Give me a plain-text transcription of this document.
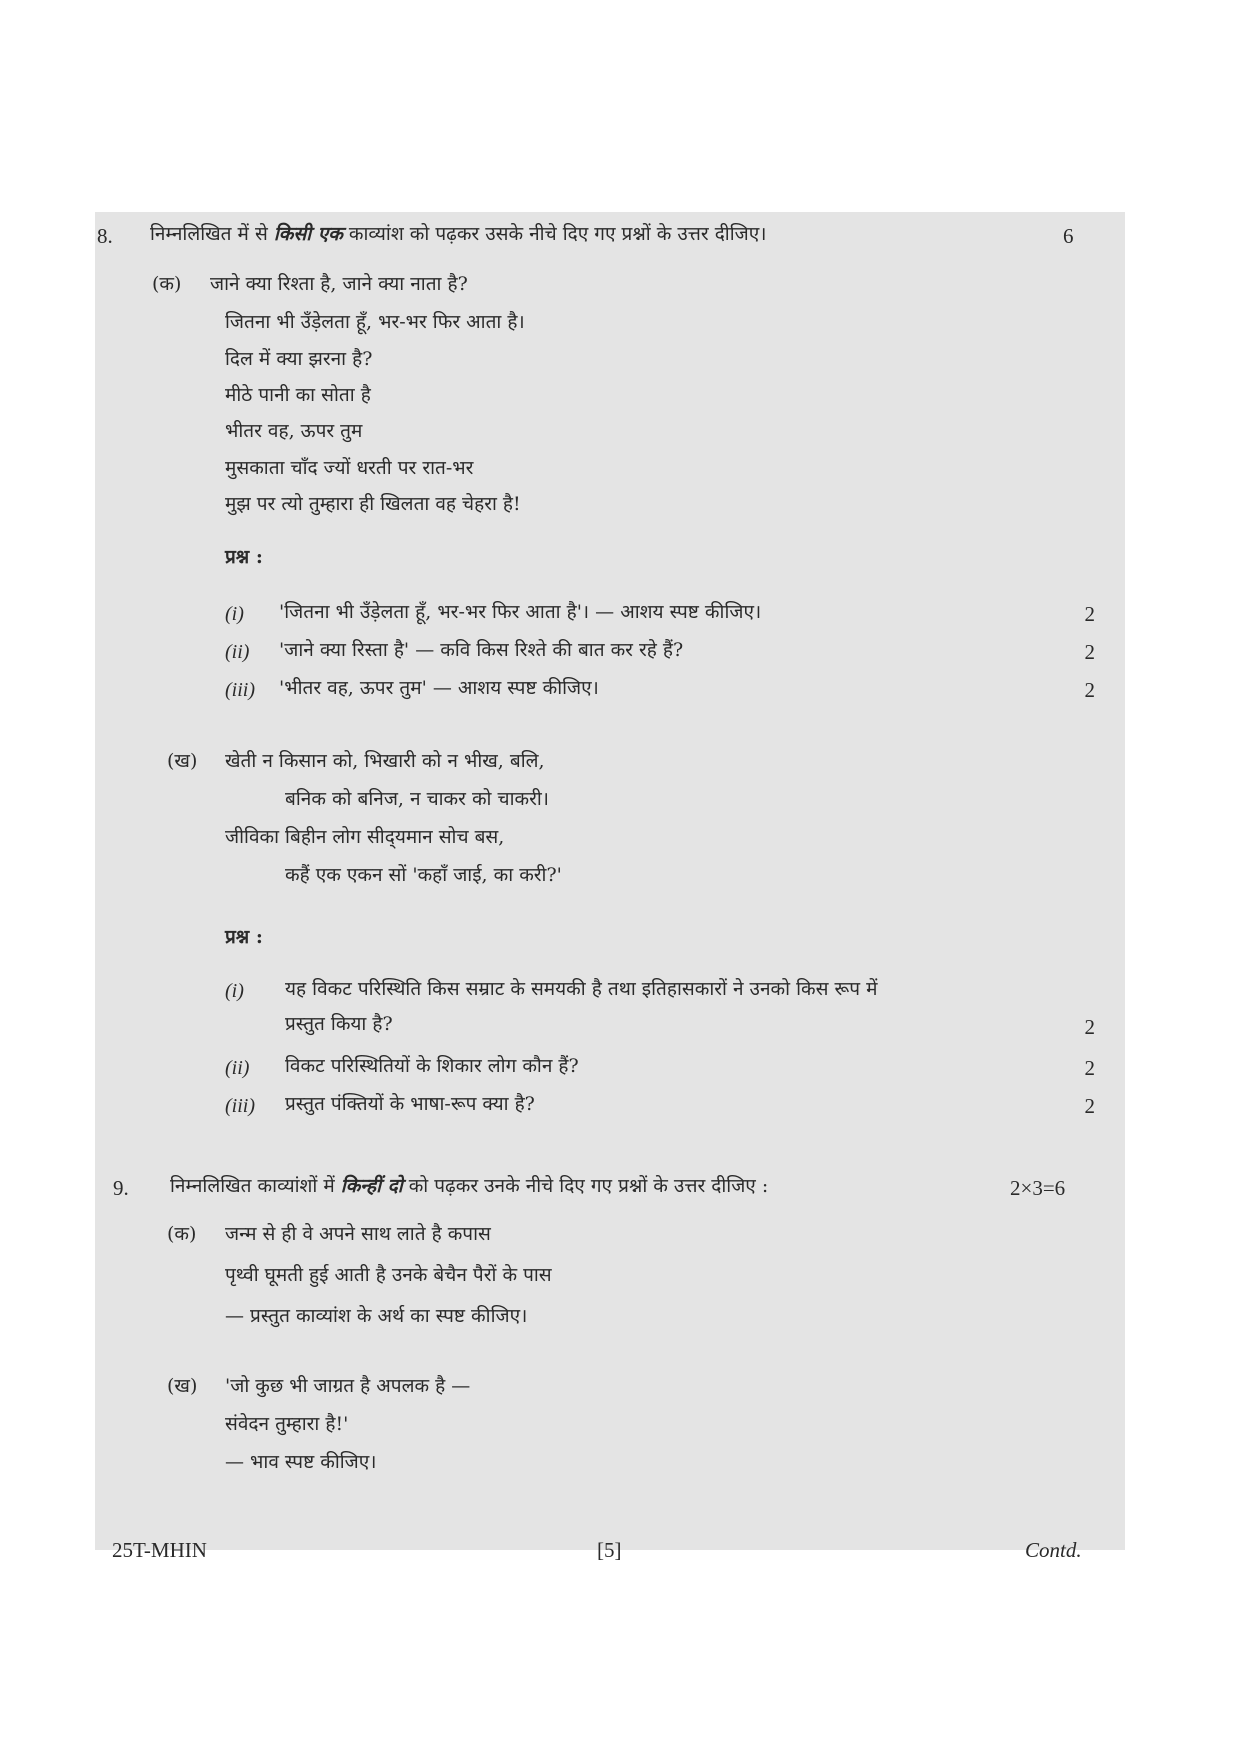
8. निम्नलिखित में से किसी एक काव्यांश को पढ़कर उसके नीचे दिए गए प्रश्नों के उत्तर दीजिए।	6
(क) जाने क्या रिश्ता है, जाने क्या नाता है?
जितना भी उँड़ेलता हूँ, भर-भर फिर आता है।
दिल में क्या झरना है?
मीठे पानी का सोता है
भीतर वह, ऊपर तुम
मुसकाता चाँद ज्यों धरती पर रात-भर
मुझ पर त्यो तुम्हारा ही खिलता वह चेहरा है!
प्रश्न :
(i) 'जितना भी उँड़ेलता हूँ, भर-भर फिर आता है'। — आशय स्पष्ट कीजिए।	2
(ii) 'जाने क्या रिस्ता है' — कवि किस रिश्ते की बात कर रहे हैं?	2
(iii) 'भीतर वह, ऊपर तुम' — आशय स्पष्ट कीजिए।	2
(ख) खेती न किसान को, भिखारी को न भीख, बलि,
बनिक को बनिज, न चाकर को चाकरी।
जीविका बिहीन लोग सीद्‌यमान सोच बस,
कहैं एक एकन सों 'कहाँ जाई, का करी?'
प्रश्न :
(i) यह विकट परिस्थिति किस सम्राट के समयकी है तथा इतिहासकारों ने उनको किस रूप में
प्रस्तुत किया है?	2
(ii) विकट परिस्थितियों के शिकार लोग कौन हैं?	2
(iii) प्रस्तुत पंक्तियों के भाषा-रूप क्या है?	2
9. निम्नलिखित काव्यांशों में किन्हीं दो को पढ़कर उनके नीचे दिए गए प्रश्नों के उत्तर दीजिए :	2×3=6
(क) जन्म से ही वे अपने साथ लाते है कपास
पृथ्वी घूमती हुई आती है उनके बेचैन पैरों के पास
— प्रस्तुत काव्यांश के अर्थ का स्पष्ट कीजिए।
(ख) 'जो कुछ भी जाग्रत है अपलक है —
संवेदन तुम्हारा है!'
— भाव स्पष्ट कीजिए।
25T-MHIN	[5]	Contd.
